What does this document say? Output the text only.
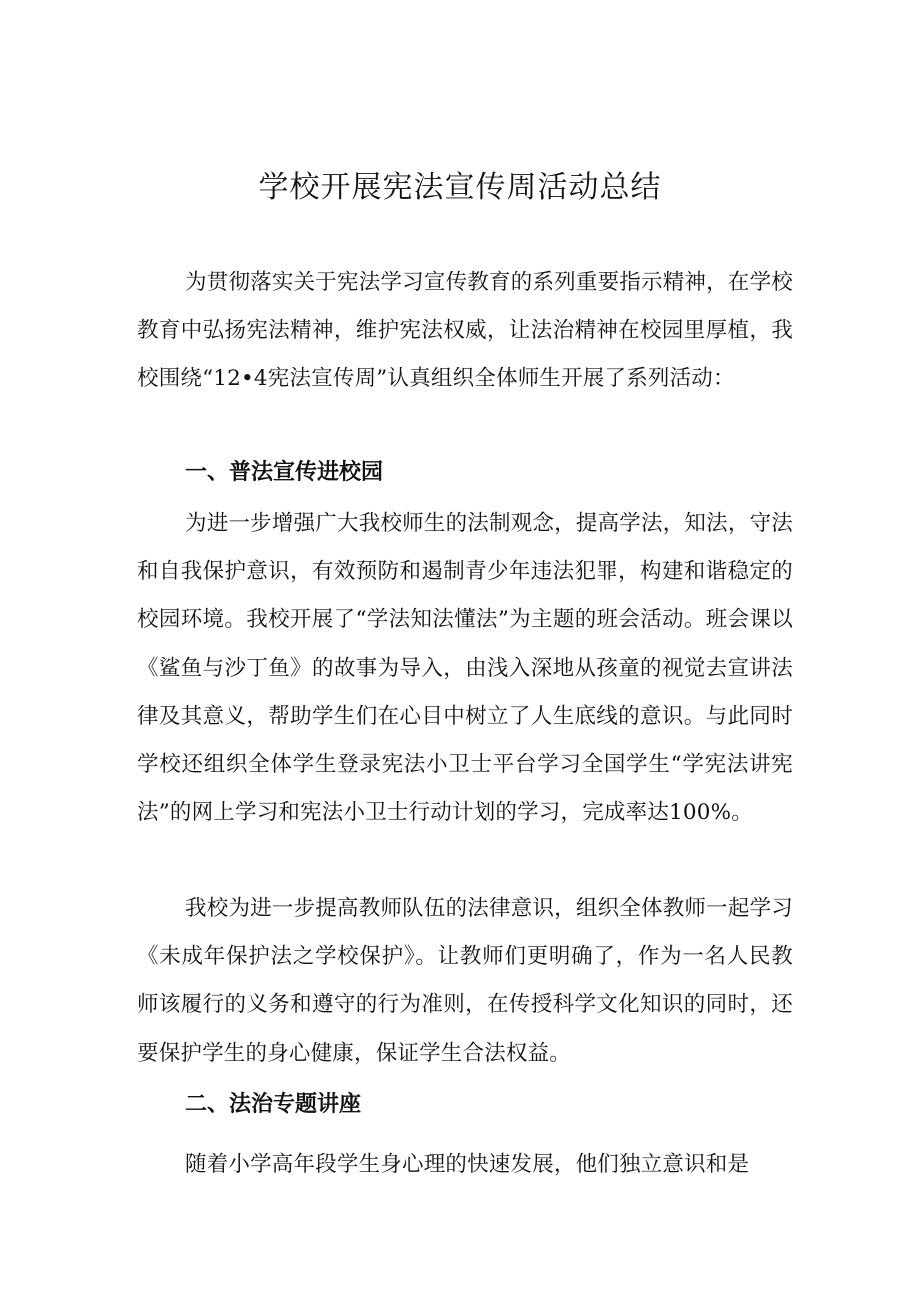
学校开展宪法宣传周活动总结

为贯彻落实关于宪法学习宣传教育的系列重要指示精神，在学校教育中弘扬宪法精神，维护宪法权威，让法治精神在校园里厚植，我校围绕“12•4宪法宣传周”认真组织全体师生开展了系列活动：

一、普法宣传进校园

为进一步增强广大我校师生的法制观念，提高学法，知法，守法和自我保护意识，有效预防和遏制青少年违法犯罪，构建和谐稳定的校园环境。我校开展了“学法知法懂法”为主题的班会活动。班会课以《鲨鱼与沙丁鱼》的故事为导入，由浅入深地从孩童的视觉去宣讲法律及其意义，帮助学生们在心目中树立了人生底线的意识。与此同时学校还组织全体学生登录宪法小卫士平台学习全国学生“学宪法讲宪法”的网上学习和宪法小卫士行动计划的学习，完成率达100%。

我校为进一步提高教师队伍的法律意识，组织全体教师一起学习《未成年保护法之学校保护》。让教师们更明确了，作为一名人民教师该履行的义务和遵守的行为准则，在传授科学文化知识的同时，还要保护学生的身心健康，保证学生合法权益。

二、法治专题讲座

随着小学高年段学生身心理的快速发展，他们独立意识和是
